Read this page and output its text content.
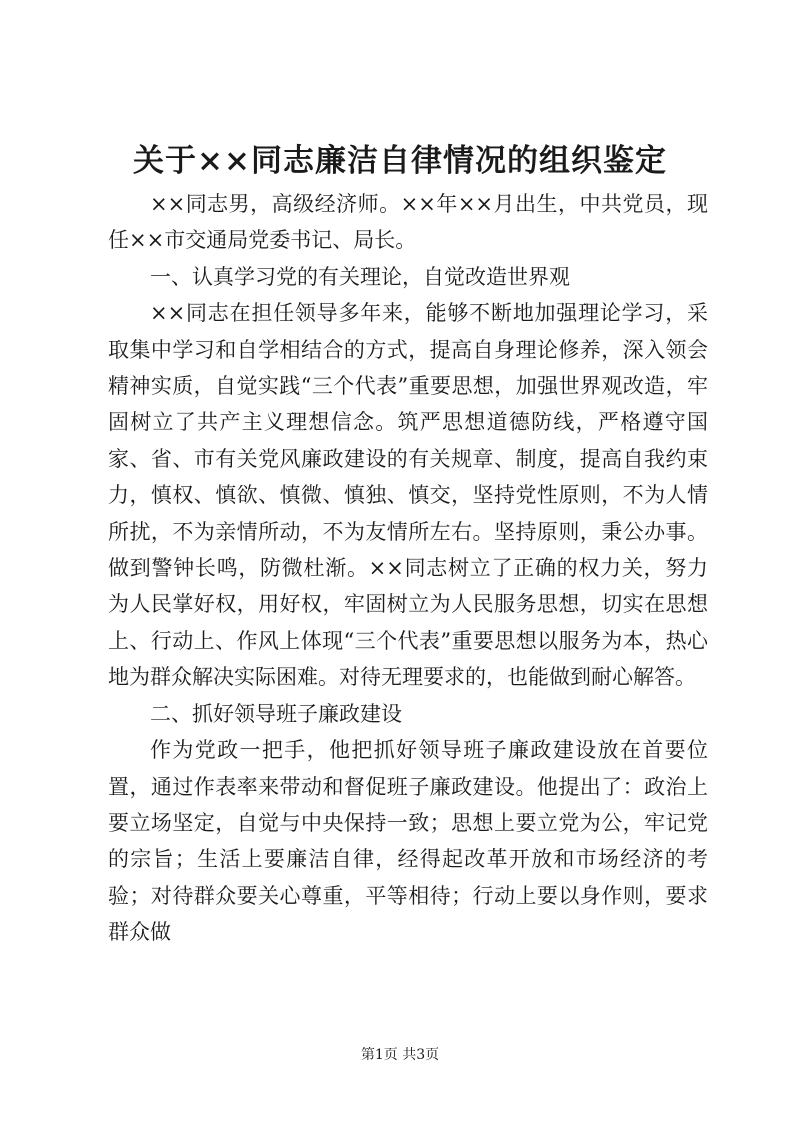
关于××同志廉洁自律情况的组织鉴定

××同志男，高级经济师。××年××月出生，中共党员，现任××市交通局党委书记、局长。

一、认真学习党的有关理论，自觉改造世界观

××同志在担任领导多年来，能够不断地加强理论学习，采取集中学习和自学相结合的方式，提高自身理论修养，深入领会精神实质，自觉实践“三个代表”重要思想，加强世界观改造，牢固树立了共产主义理想信念。筑严思想道德防线，严格遵守国家、省、市有关党风廉政建设的有关规章、制度，提高自我约束力，慎权、慎欲、慎微、慎独、慎交，坚持党性原则，不为人情所扰，不为亲情所动，不为友情所左右。坚持原则，秉公办事。做到警钟长鸣，防微杜渐。××同志树立了正确的权力关，努力为人民掌好权，用好权，牢固树立为人民服务思想，切实在思想上、行动上、作风上体现“三个代表”重要思想以服务为本，热心地为群众解决实际困难。对待无理要求的，也能做到耐心解答。

二、抓好领导班子廉政建设

作为党政一把手，他把抓好领导班子廉政建设放在首要位置，通过作表率来带动和督促班子廉政建设。他提出了：政治上要立场坚定，自觉与中央保持一致；思想上要立党为公，牢记党的宗旨；生活上要廉洁自律，经得起改革开放和市场经济的考验；对待群众要关心尊重，平等相待；行动上要以身作则，要求群众做

第1页 共3页
